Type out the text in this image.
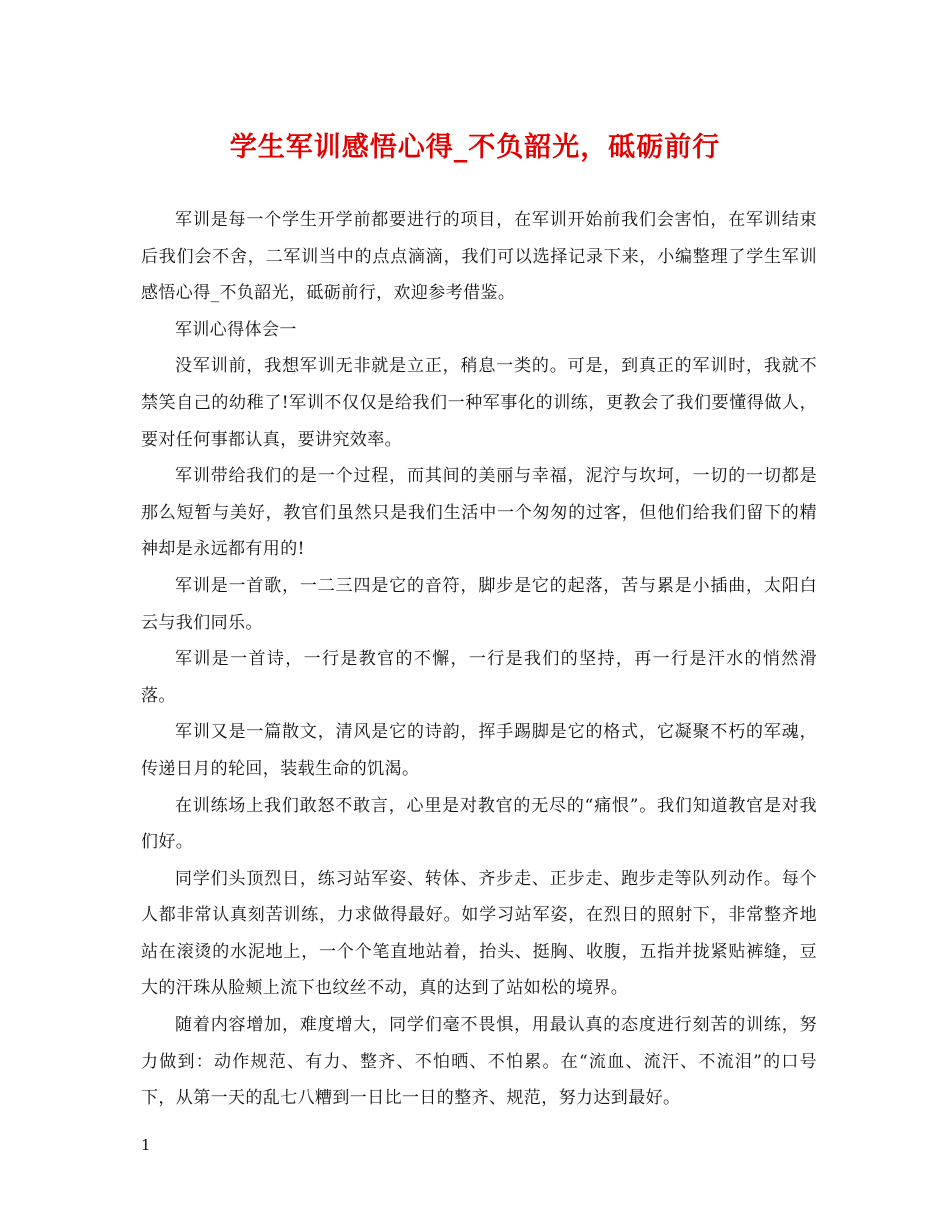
学生军训感悟心得_不负韶光，砥砺前行

军训是每一个学生开学前都要进行的项目，在军训开始前我们会害怕，在军训结束后我们会不舍，二军训当中的点点滴滴，我们可以选择记录下来，小编整理了学生军训感悟心得_不负韶光，砥砺前行，欢迎参考借鉴。

军训心得体会一

没军训前，我想军训无非就是立正，稍息一类的。可是，到真正的军训时，我就不禁笑自己的幼稚了!军训不仅仅是给我们一种军事化的训练，更教会了我们要懂得做人，要对任何事都认真，要讲究效率。

军训带给我们的是一个过程，而其间的美丽与幸福，泥泞与坎坷，一切的一切都是那么短暂与美好，教官们虽然只是我们生活中一个匆匆的过客，但他们给我们留下的精神却是永远都有用的!

军训是一首歌，一二三四是它的音符，脚步是它的起落，苦与累是小插曲，太阳白云与我们同乐。

军训是一首诗，一行是教官的不懈，一行是我们的坚持，再一行是汗水的悄然滑落。

军训又是一篇散文，清风是它的诗韵，挥手踢脚是它的格式，它凝聚不朽的军魂，传递日月的轮回，装载生命的饥渴。

在训练场上我们敢怒不敢言，心里是对教官的无尽的“痛恨”。我们知道教官是对我们好。

同学们头顶烈日，练习站军姿、转体、齐步走、正步走、跑步走等队列动作。每个人都非常认真刻苦训练，力求做得最好。如学习站军姿，在烈日的照射下，非常整齐地站在滚烫的水泥地上，一个个笔直地站着，抬头、挺胸、收腹，五指并拢紧贴裤缝，豆大的汗珠从脸颊上流下也纹丝不动，真的达到了站如松的境界。

随着内容增加，难度增大，同学们毫不畏惧，用最认真的态度进行刻苦的训练，努力做到：动作规范、有力、整齐、不怕晒、不怕累。在“流血、流汗、不流泪”的口号下，从第一天的乱七八糟到一日比一日的整齐、规范，努力达到最好。

1
